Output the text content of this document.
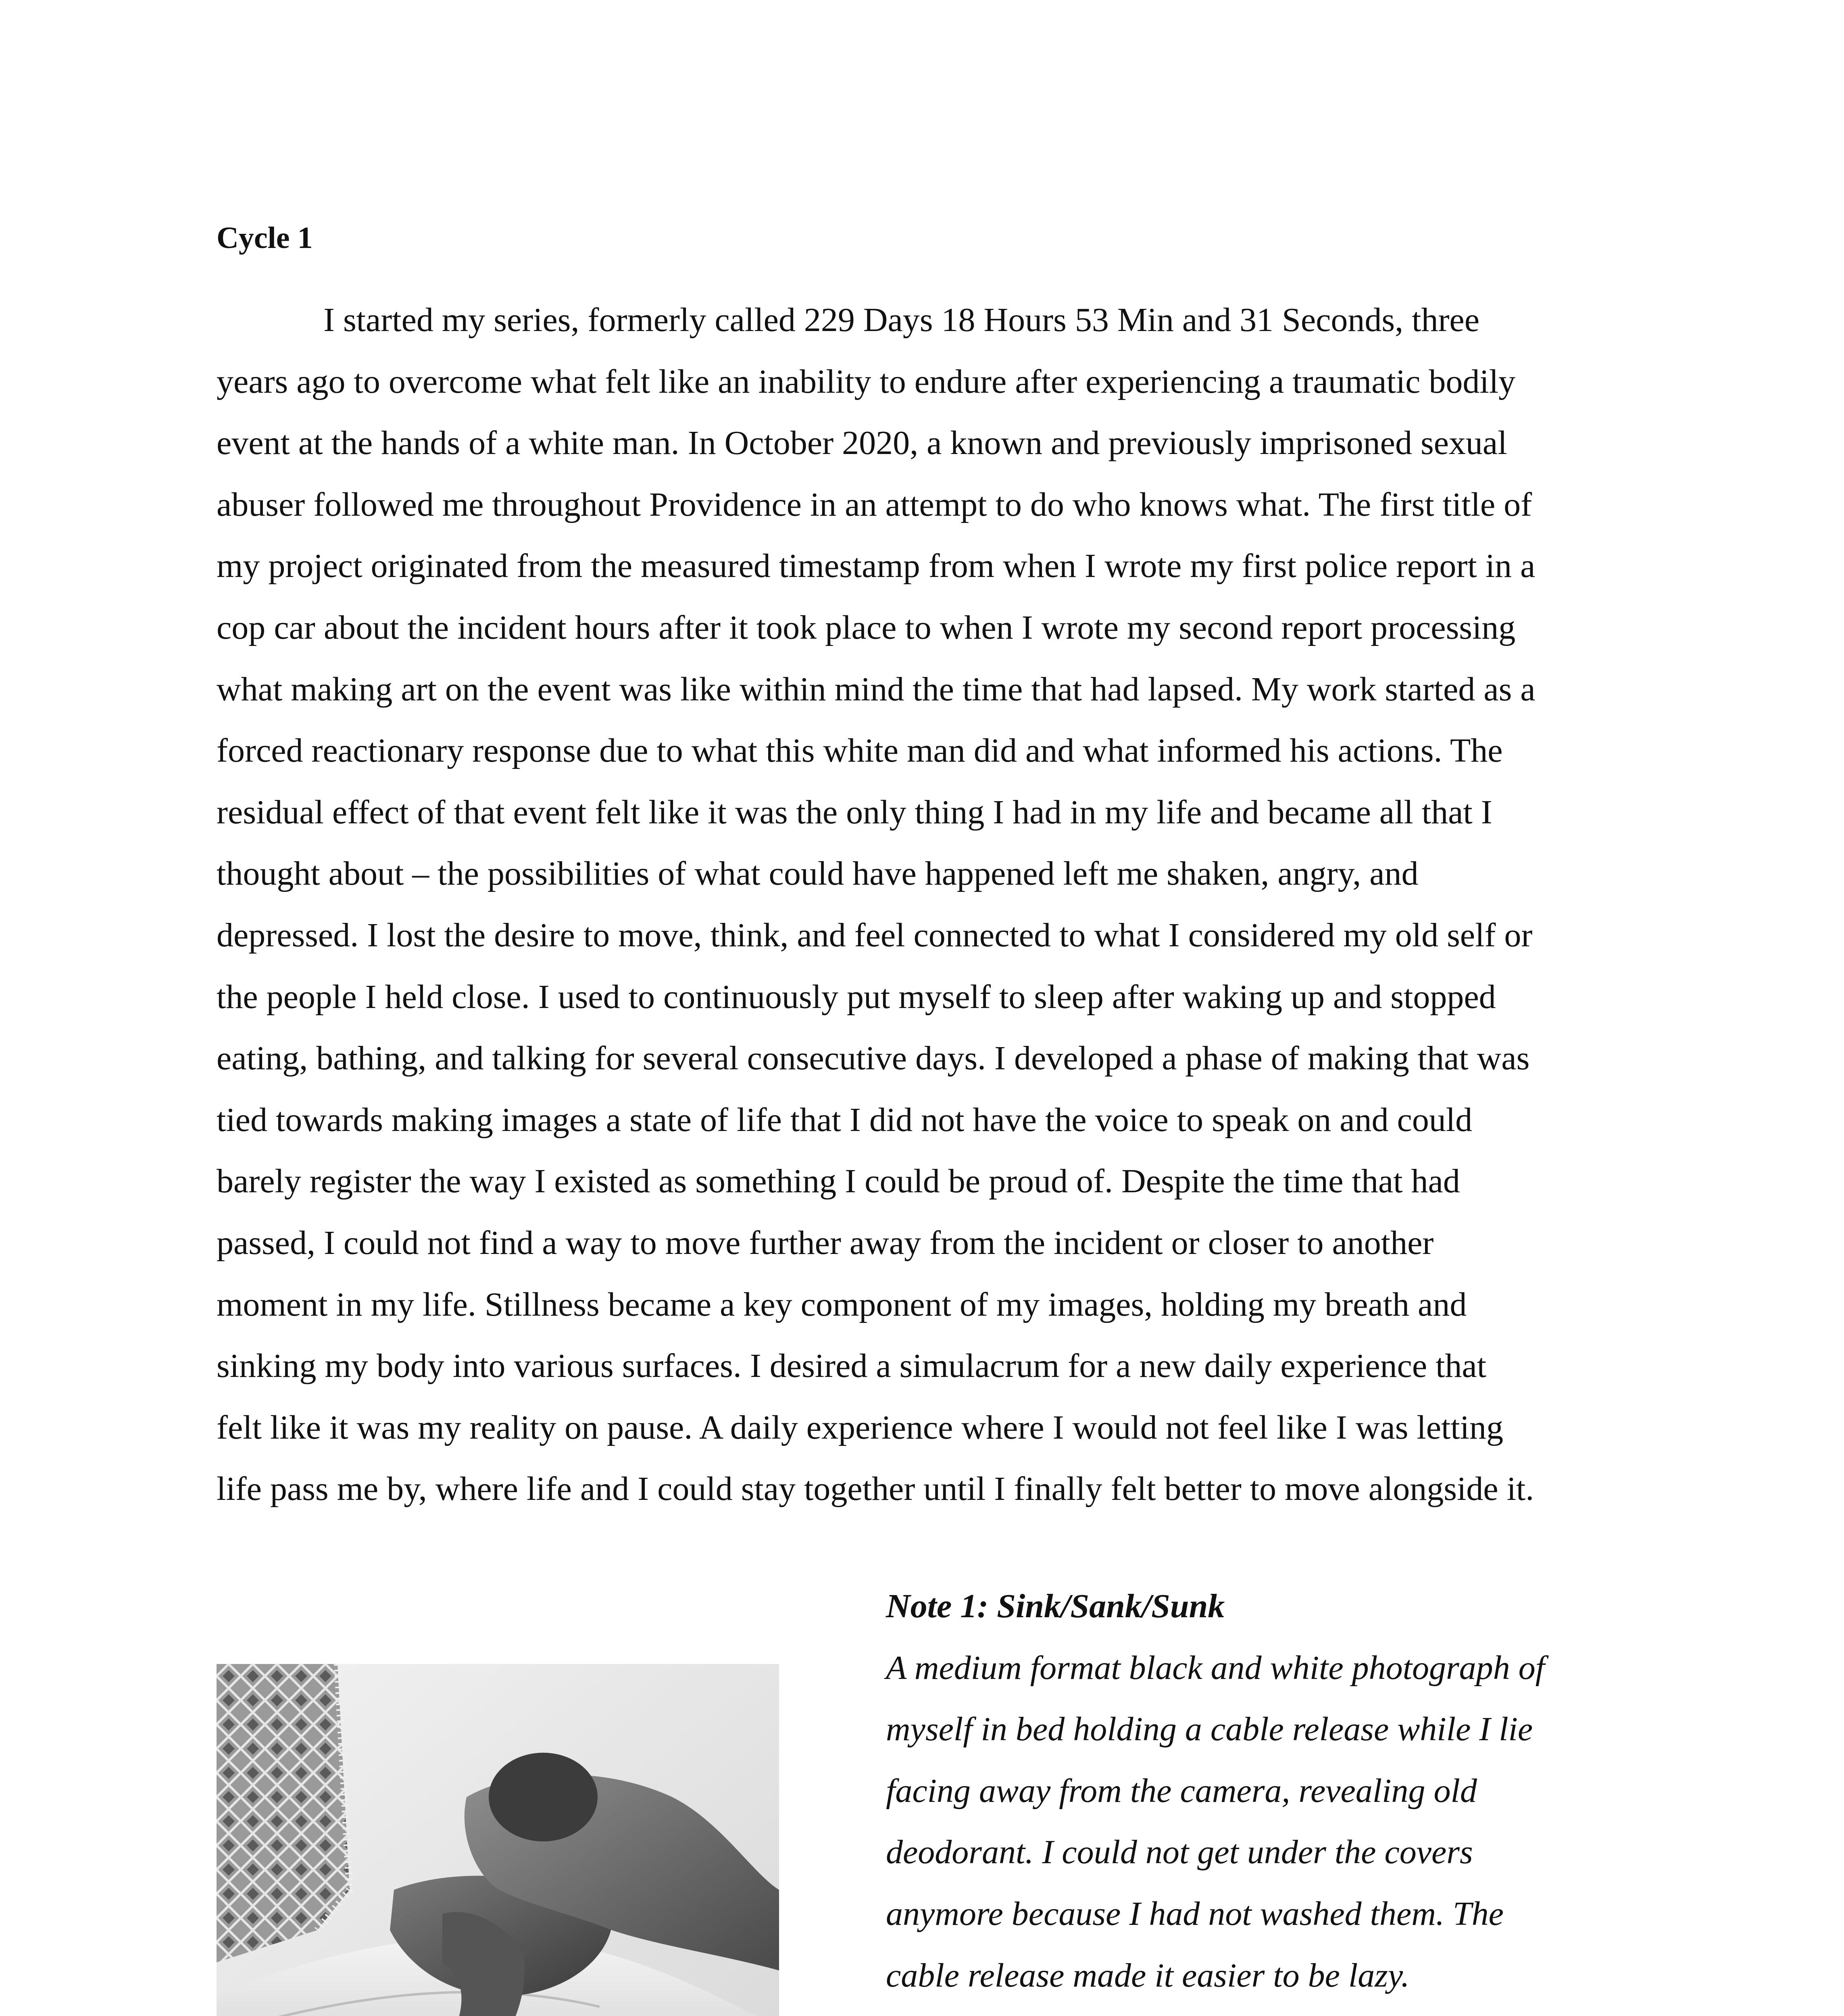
Cycle 1

I started my series, formerly called 229 Days 18 Hours 53 Min and 31 Seconds, three
years ago to overcome what felt like an inability to endure after experiencing a traumatic bodily
event at the hands of a white man. In October 2020, a known and previously imprisoned sexual
abuser followed me throughout Providence in an attempt to do who knows what. The first title of
my project originated from the measured timestamp from when I wrote my first police report in a
cop car about the incident hours after it took place to when I wrote my second report processing
what making art on the event was like within mind the time that had lapsed. My work started as a
forced reactionary response due to what this white man did and what informed his actions. The
residual effect of that event felt like it was the only thing I had in my life and became all that I
thought about – the possibilities of what could have happened left me shaken, angry, and
depressed. I lost the desire to move, think, and feel connected to what I considered my old self or
the people I held close. I used to continuously put myself to sleep after waking up and stopped
eating, bathing, and talking for several consecutive days. I developed a phase of making that was
tied towards making images a state of life that I did not have the voice to speak on and could
barely register the way I existed as something I could be proud of. Despite the time that had
passed, I could not find a way to move further away from the incident or closer to another
moment in my life. Stillness became a key component of my images, holding my breath and
sinking my body into various surfaces. I desired a simulacrum for a new daily experience that
felt like it was my reality on pause. A daily experience where I would not feel like I was letting
life pass me by, where life and I could stay together until I finally felt better to move alongside it.

Note 1: Sink/Sank/Sunk
A medium format black and white photograph of
myself in bed holding a cable release while I lie
facing away from the camera, revealing old
deodorant. I could not get under the covers
anymore because I had not washed them. The
cable release made it easier to be lazy.
